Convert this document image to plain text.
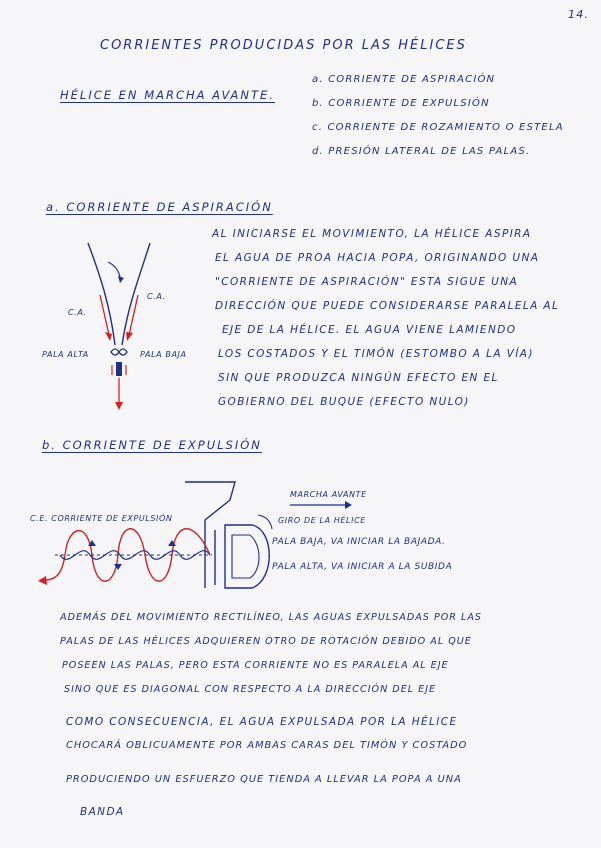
14.
CORRIENTES PRODUCIDAS POR LAS HÉLICES
HÉLICE EN MARCHA AVANTE.
a. CORRIENTE DE ASPIRACIÓN
b. CORRIENTE DE EXPULSIÓN
c. CORRIENTE DE ROZAMIENTO O ESTELA
d. PRESIÓN LATERAL DE LAS PALAS.
a. CORRIENTE DE ASPIRACIÓN
C.A.
C.A.
PALA ALTA	PALA BAJA
AL INICIARSE EL MOVIMIENTO, LA HÉLICE ASPIRA
EL AGUA DE PROA HACIA POPA, ORIGINANDO UNA
"CORRIENTE DE ASPIRACIÓN" ESTA SIGUE UNA
DIRECCIÓN QUE PUEDE CONSIDERARSE PARALELA AL
EJE DE LA HÉLICE. EL AGUA VIENE LAMIENDO
LOS COSTADOS Y EL TIMÓN (ESTOMBO A LA VÍA)
SIN QUE PRODUZCA NINGÚN EFECTO EN EL
GOBIERNO DEL BUQUE (EFECTO NULO)
b. CORRIENTE DE EXPULSIÓN
MARCHA AVANTE
GIRO DE LA HÉLICE
C.E. CORRIENTE DE EXPULSIÓN
PALA BAJA, VA INICIAR LA BAJADA.
PALA ALTA, VA INICIAR A LA SUBIDA
ADEMÁS DEL MOVIMIENTO RECTILÍNEO, LAS AGUAS EXPULSADAS POR LAS
PALAS DE LAS HÉLICES ADQUIEREN OTRO DE ROTACIÓN DEBIDO AL QUE
POSEEN LAS PALAS, PERO ESTA CORRIENTE NO ES PARALELA AL EJE
SINO QUE ES DIAGONAL CON RESPECTO A LA DIRECCIÓN DEL EJE
COMO CONSECUENCIA, EL AGUA EXPULSADA POR LA HÉLICE
CHOCARÁ OBLICUAMENTE POR AMBAS CARAS DEL TIMÓN Y COSTADO
PRODUCIENDO UN ESFUERZO QUE TIENDA A LLEVAR LA POPA A UNA
BANDA
